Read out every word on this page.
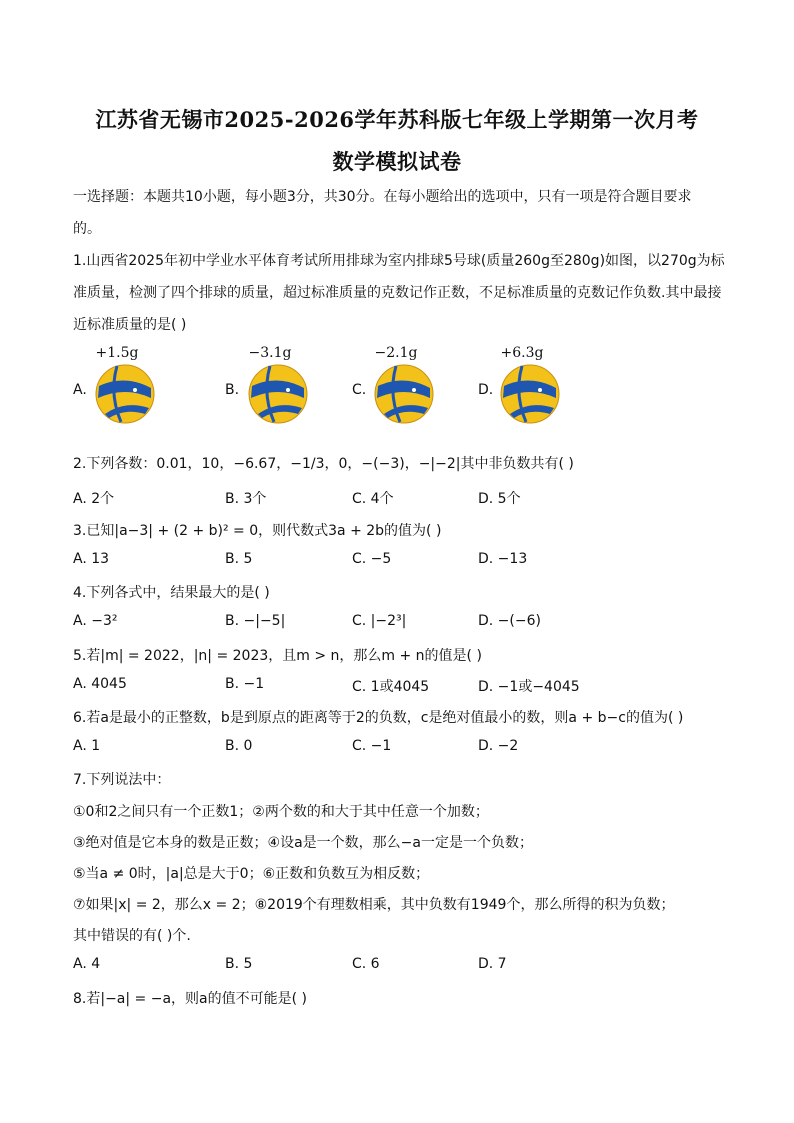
江苏省无锡市2025-2026学年苏科版七年级上学期第一次月考
数学模拟试卷
一选择题：本题共10小题，每小题3分，共30分。在每小题给出的选项中，只有一项是符合题目要求
的。
1.山西省2025年初中学业水平体育考试所用排球为室内排球5号球(质量260g至280g)如图，以270g为标
准质量，检测了四个排球的质量，超过标准质量的克数记作正数，不足标准质量的克数记作负数.其中最接
近标准质量的是( )
A.
+1.5g
B.
−3.1g
C.
−2.1g
D.
+6.3g
2.下列各数：0.01，10，−6.67，−1/3，0，−(−3)，−|−2|其中非负数共有( )
A. 2个	B. 3个	C. 4个	D. 5个
3.已知|a−3| + (2 + b)² = 0，则代数式3a + 2b的值为( )
A. 13	B. 5	C. −5	D. −13
4.下列各式中，结果最大的是( )
A. −3²	B. −|−5|	C. |−2³|	D. −(−6)
5.若|m| = 2022，|n| = 2023，且m > n，那么m + n的值是( )
A. 4045	B. −1	C. 1或4045	D. −1或−4045
6.若a是最小的正整数，b是到原点的距离等于2的负数，c是绝对值最小的数，则a + b−c的值为( )
A. 1	B. 0	C. −1	D. −2
7.下列说法中：
①0和2之间只有一个正数1；②两个数的和大于其中任意一个加数；
③绝对值是它本身的数是正数；④设a是一个数，那么−a一定是一个负数；
⑤当a ≠ 0时，|a|总是大于0；⑥正数和负数互为相反数；
⑦如果|x| = 2，那么x = 2；⑧2019个有理数相乘，其中负数有1949个，那么所得的积为负数；
其中错误的有( )个.
A. 4	B. 5	C. 6	D. 7
8.若|−a| = −a，则a的值不可能是( )
